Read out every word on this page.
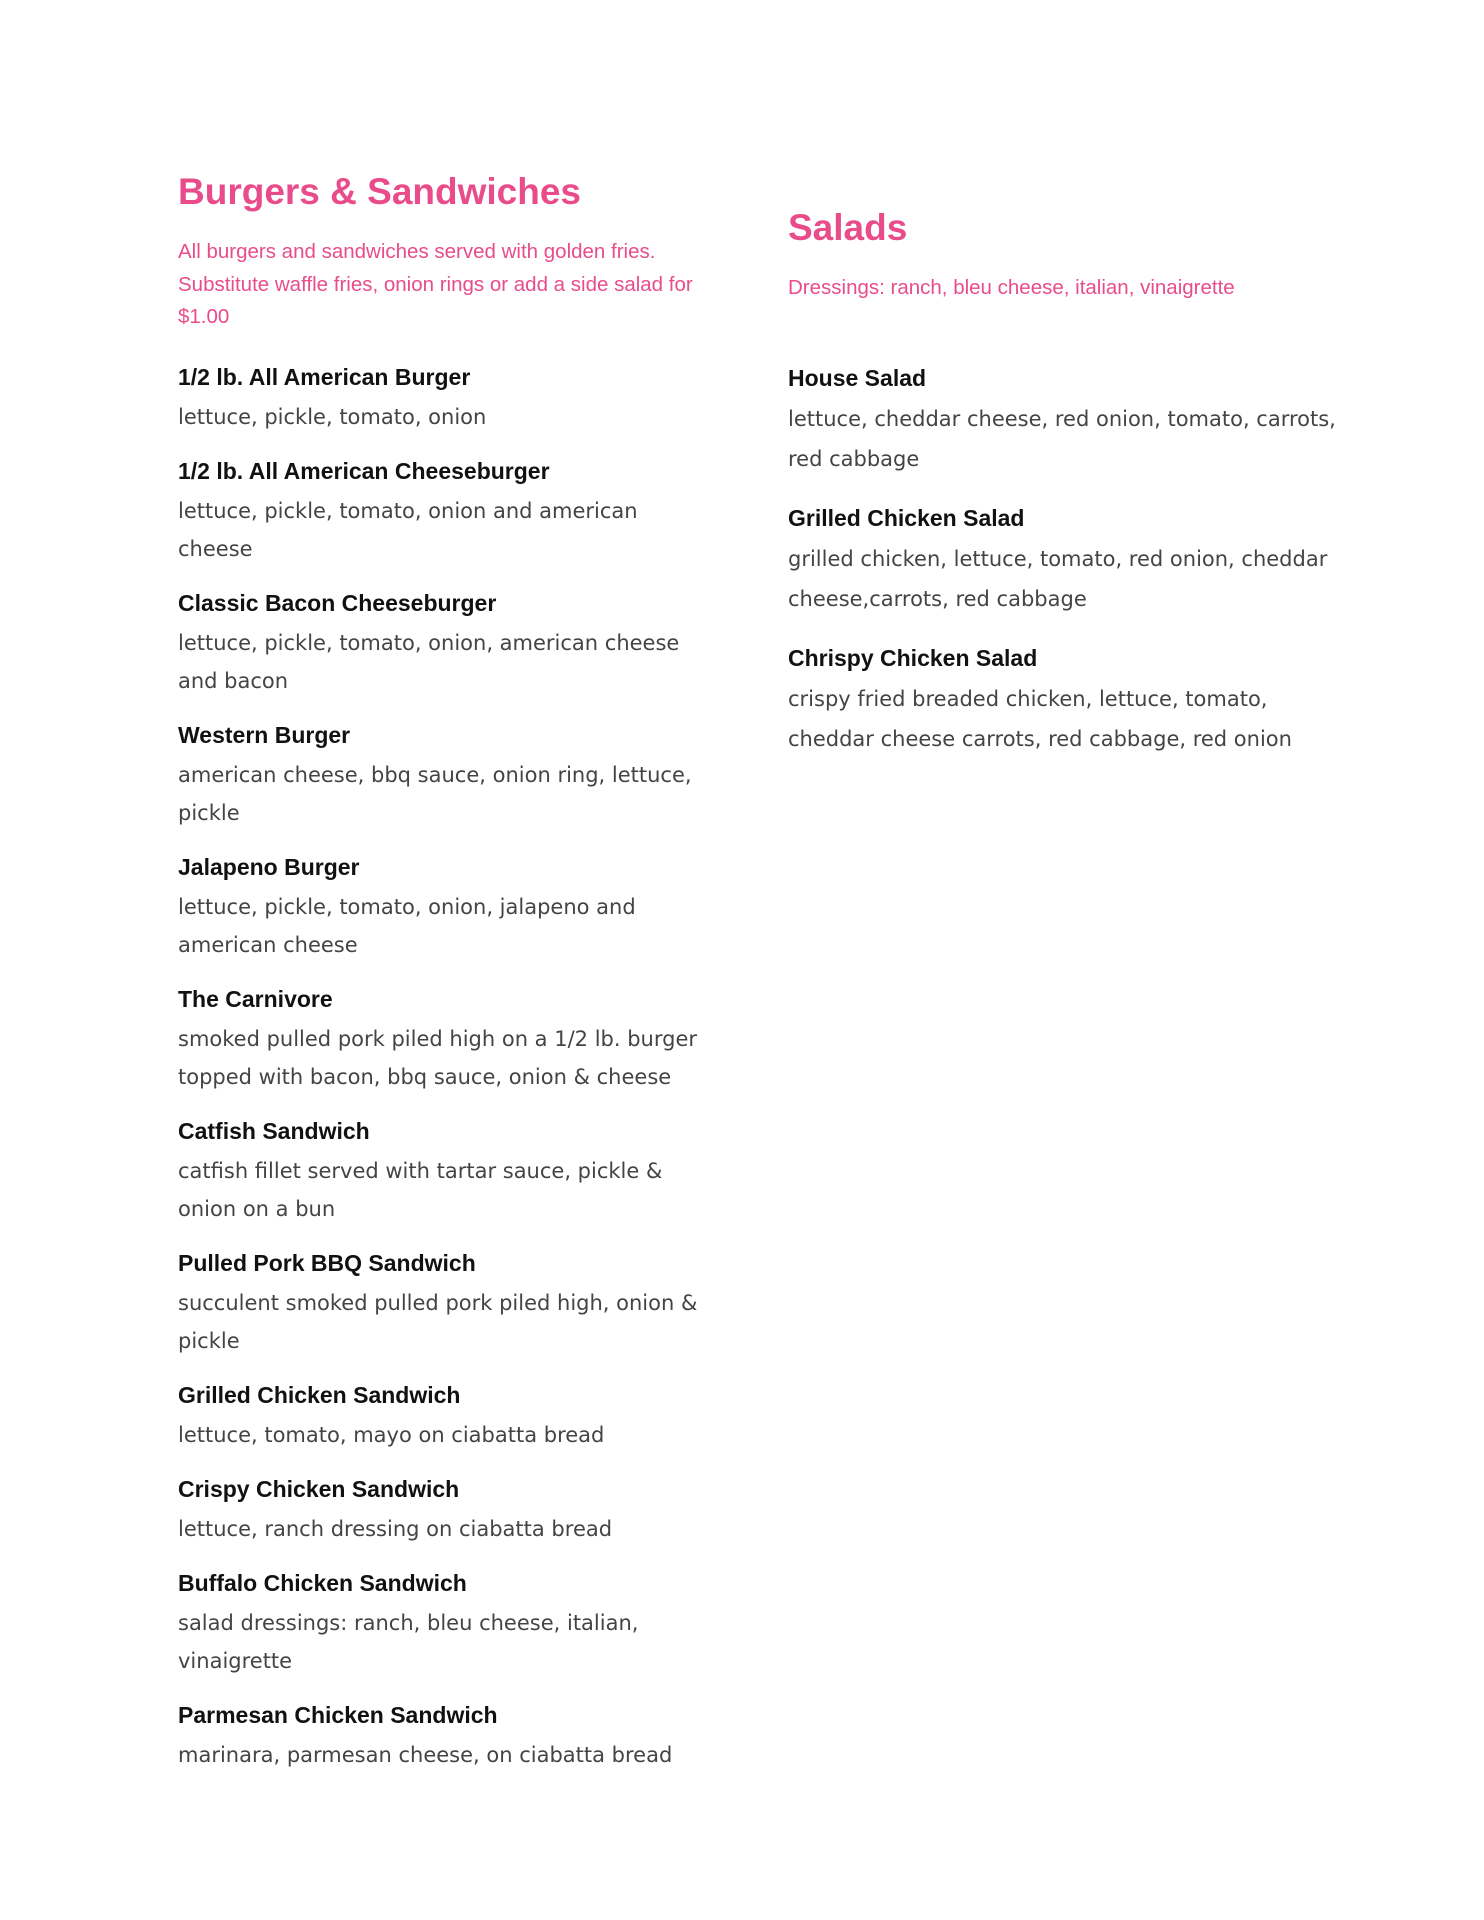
Burgers & Sandwiches

All burgers and sandwiches served with golden fries. Substitute waffle fries, onion rings or add a side salad for $1.00

1/2 lb. All American Burger
lettuce, pickle, tomato, onion
1/2 lb. All American Cheeseburger
lettuce, pickle, tomato, onion and american cheese
Classic Bacon Cheeseburger
lettuce, pickle, tomato, onion, american cheese and bacon
Western Burger
american cheese, bbq sauce, onion ring, lettuce, pickle
Jalapeno Burger
lettuce, pickle, tomato, onion, jalapeno and american cheese
The Carnivore
smoked pulled pork piled high on a 1/2 lb. burger topped with bacon, bbq sauce, onion & cheese
Catfish Sandwich
catfish fillet served with tartar sauce, pickle & onion on a bun
Pulled Pork BBQ Sandwich
succulent smoked pulled pork piled high, onion & pickle
Grilled Chicken Sandwich
lettuce, tomato, mayo on ciabatta bread
Crispy Chicken Sandwich
lettuce, ranch dressing on ciabatta bread
Buffalo Chicken Sandwich
salad dressings: ranch, bleu cheese, italian, vinaigrette
Parmesan Chicken Sandwich
marinara, parmesan cheese, on ciabatta bread
Salads

Dressings: ranch, bleu cheese, italian, vinaigrette

House Salad
lettuce, cheddar cheese, red onion, tomato, carrots, red cabbage
Grilled Chicken Salad
grilled chicken, lettuce, tomato, red onion, cheddar cheese,carrots, red cabbage
Chrispy Chicken Salad
crispy fried breaded chicken, lettuce, tomato, cheddar cheese carrots, red cabbage, red onion
